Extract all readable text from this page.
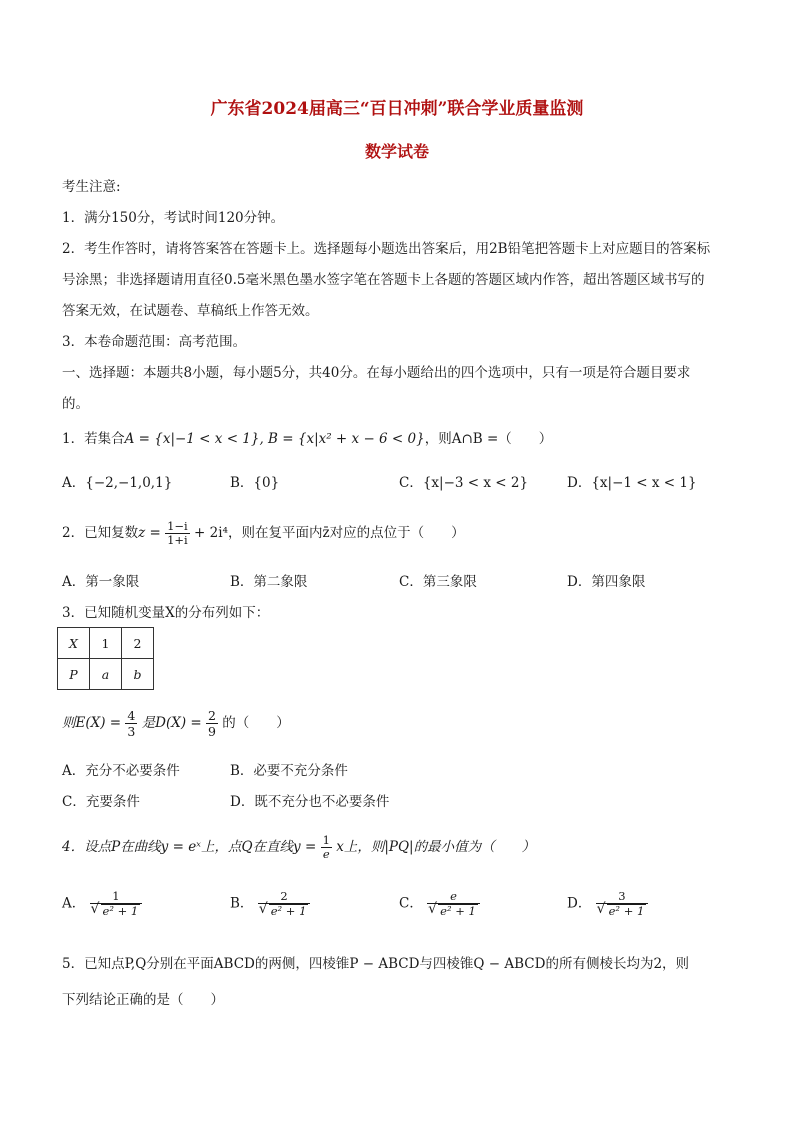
广东省2024届高三“百日冲刺”联合学业质量监测
数学试卷
考生注意:
1．满分150分，考试时间120分钟。
2．考生作答时，请将答案答在答题卡上。选择题每小题选出答案后，用2B铅笔把答题卡上对应题目的答案标
号涂黑；非选择题请用直径0.5毫米黑色墨水签字笔在答题卡上各题的答题区域内作答，超出答题区域书写的
答案无效，在试题卷、草稿纸上作答无效。
3．本卷命题范围：高考范围。
一、选择题：本题共8小题，每小题5分，共40分。在每小题给出的四个选项中，只有一项是符合题目要求
的。
1．若集合A = {x|−1 < x < 1}, B = {x|x² + x − 6 < 0}，则A∩B =（　　）
A．{−2,−1,0,1}	B．{0}	C．{x|−3 < x < 2}	D．{x|−1 < x < 1}
2．已知复数$z = \frac{1-i}{1+i} + 2i^4$，则在复平面内z̄对应的点位于（　　）
A．第一象限	B．第二象限	C．第三象限	D．第四象限
3．已知随机变量X的分布列如下：
X	1	2
P	a	b
则$E(X) = \frac{4}{3}$ 是$D(X) = \frac{2}{9}$ 的（　　）
A．充分不必要条件	B．必要不充分条件
C．充要条件	D．既不充分也不必要条件
4．设点P在曲线y = eˣ上，点Q在直线$y = \frac{1}{e}$ x上，则|PQ|的最小值为（　　）
A． 1
√ e² + 1	B． 2
√ e² + 1	C． e
√ e² + 1	D． 3
√ e² + 1
5．已知点P,Q分别在平面ABCD的两侧，四棱锥P − ABCD与四棱锥Q − ABCD的所有侧棱长均为2，则
下列结论正确的是（　　）
